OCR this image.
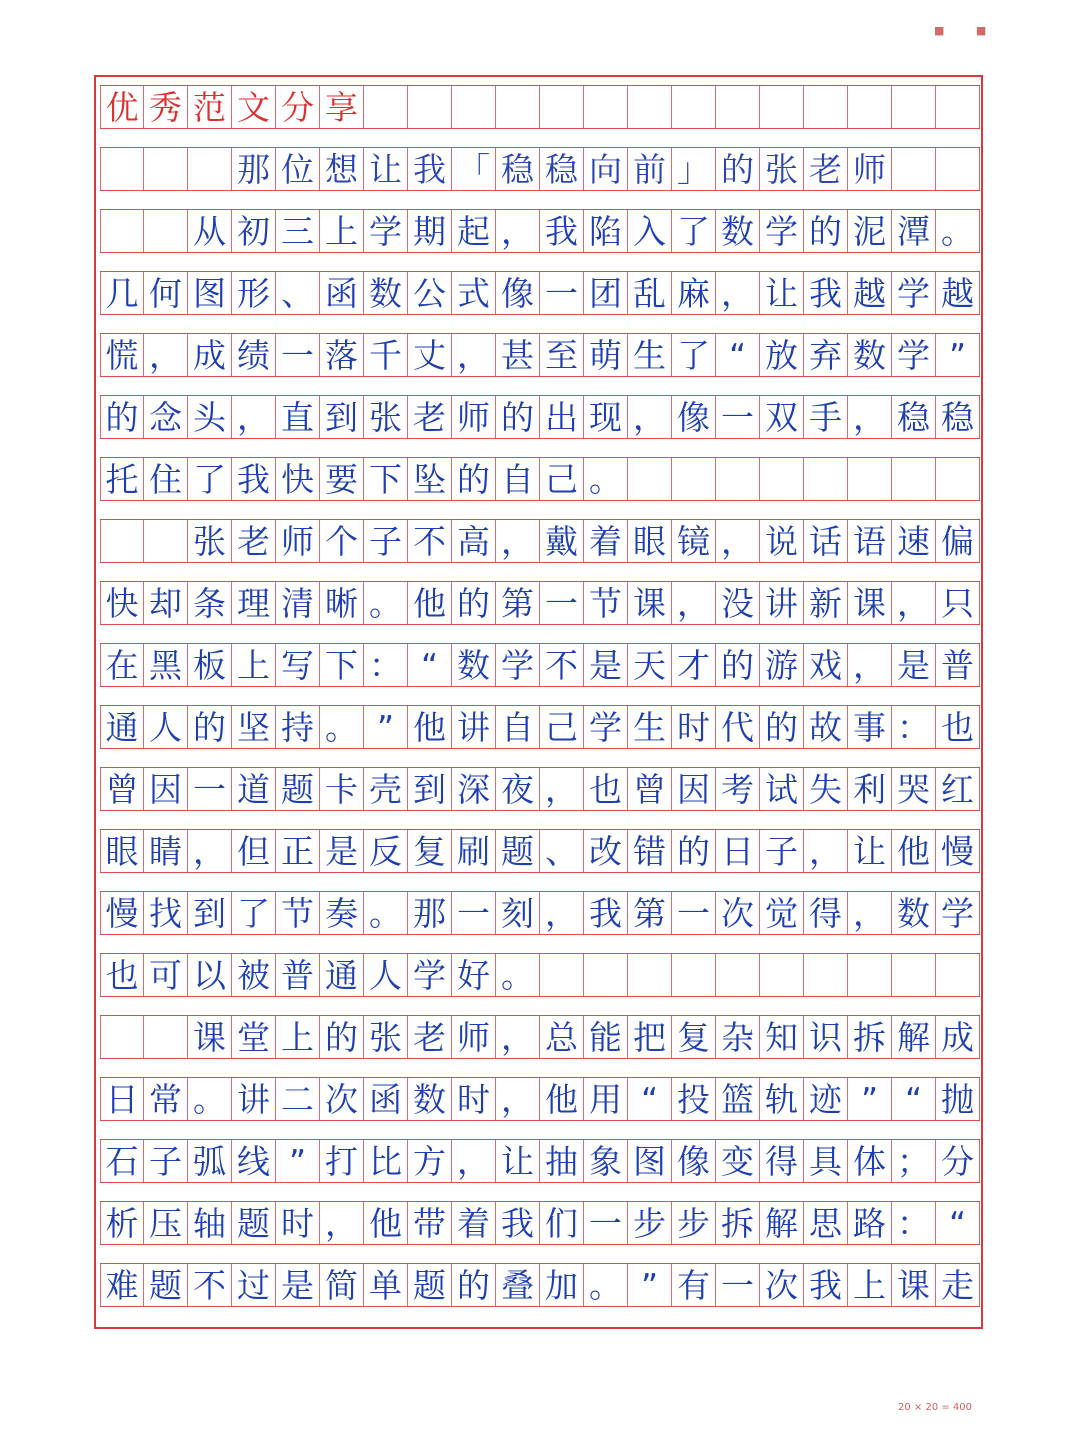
■ ■
优 秀 范 文 分 享
那 位 想 让 我 「 稳 稳 向 前 」 的 张 老 师
从 初 三 上 学 期 起 ， 我 陷 入 了 数 学 的 泥 潭 。
几 何 图 形 、 函 数 公 式 像 一 团 乱 麻 ， 让 我 越 学 越
慌 ， 成 绩 一 落 千 丈 ， 甚 至 萌 生 了 “ 放 弃 数 学 ”
的 念 头 ， 直 到 张 老 师 的 出 现 ， 像 一 双 手 ， 稳 稳
托 住 了 我 快 要 下 坠 的 自 己 。
张 老 师 个 子 不 高 ， 戴 着 眼 镜 ， 说 话 语 速 偏
快 却 条 理 清 晰 。 他 的 第 一 节 课 ， 没 讲 新 课 ， 只
在 黑 板 上 写 下 ： “ 数 学 不 是 天 才 的 游 戏 ， 是 普
通 人 的 坚 持 。 ” 他 讲 自 己 学 生 时 代 的 故 事 ： 也
曾 因 一 道 题 卡 壳 到 深 夜 ， 也 曾 因 考 试 失 利 哭 红
眼 睛 ， 但 正 是 反 复 刷 题 、 改 错 的 日 子 ， 让 他 慢
慢 找 到 了 节 奏 。 那 一 刻 ， 我 第 一 次 觉 得 ， 数 学
也 可 以 被 普 通 人 学 好 。
课 堂 上 的 张 老 师 ， 总 能 把 复 杂 知 识 拆 解 成
日 常 。 讲 二 次 函 数 时 ， 他 用 “ 投 篮 轨 迹 ” “ 抛
石 子 弧 线 ” 打 比 方 ， 让 抽 象 图 像 变 得 具 体 ； 分
析 压 轴 题 时 ， 他 带 着 我 们 一 步 步 拆 解 思 路 ： “
难 题 不 过 是 简 单 题 的 叠 加 。 ” 有 一 次 我 上 课 走
20 × 20 = 400
